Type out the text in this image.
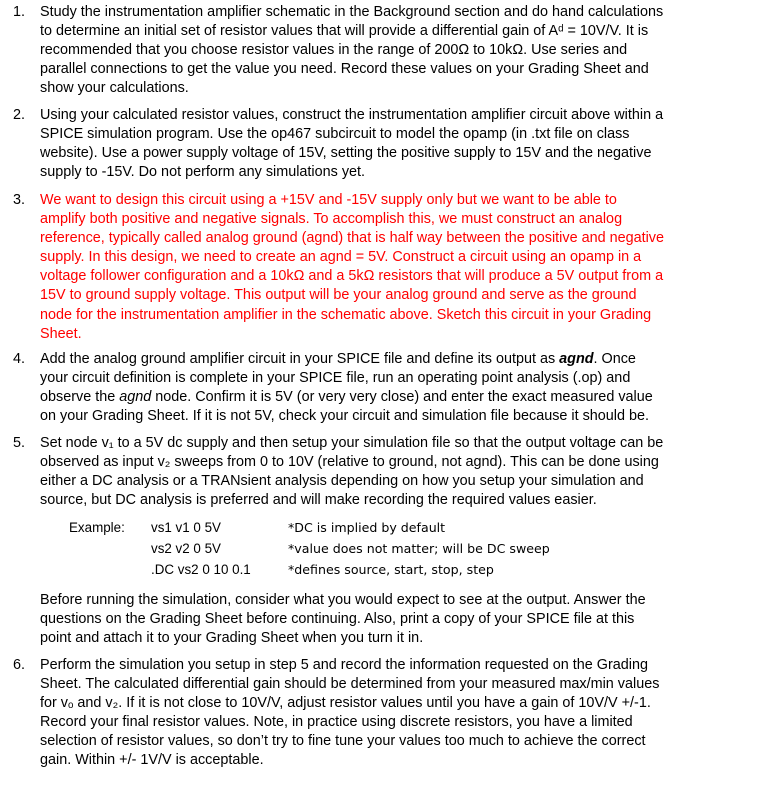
1. Study the instrumentation amplifier schematic in the Background section and do hand calculations
to determine an initial set of resistor values that will provide a differential gain of Aᵈ = 10V/V. It is
recommended that you choose resistor values in the range of 200Ω to 10kΩ. Use series and
parallel connections to get the value you need. Record these values on your Grading Sheet and
show your calculations.
2. Using your calculated resistor values, construct the instrumentation amplifier circuit above within a
SPICE simulation program. Use the op467 subcircuit to model the opamp (in .txt file on class
website). Use a power supply voltage of 15V, setting the positive supply to 15V and the negative
supply to -15V. Do not perform any simulations yet.
3. We want to design this circuit using a +15V and -15V supply only but we want to be able to
amplify both positive and negative signals. To accomplish this, we must construct an analog
reference, typically called analog ground (agnd) that is half way between the positive and negative
supply. In this design, we need to create an agnd = 5V. Construct a circuit using an opamp in a
voltage follower configuration and a 10kΩ and a 5kΩ resistors that will produce a 5V output from a
15V to ground supply voltage. This output will be your analog ground and serve as the ground
node for the instrumentation amplifier in the schematic above. Sketch this circuit in your Grading
Sheet.
4. Add the analog ground amplifier circuit in your SPICE file and define its output as agnd. Once
your circuit definition is complete in your SPICE file, run an operating point analysis (.op) and
observe the agnd node. Confirm it is 5V (or very very close) and enter the exact measured value
on your Grading Sheet. If it is not 5V, check your circuit and simulation file because it should be.
5. Set node v₁ to a 5V dc supply and then setup your simulation file so that the output voltage can be
observed as input v₂ sweeps from 0 to 10V (relative to ground, not agnd). This can be done using
either a DC analysis or a TRANsient analysis depending on how you setup your simulation and
source, but DC analysis is preferred and will make recording the required values easier.
Example: vs1 v1 0 5V	*DC is implied by default
vs2 v2 0 5V	*value does not matter; will be DC sweep
.DC vs2 0 10 0.1	*defines source, start, stop, step
Before running the simulation, consider what you would expect to see at the output. Answer the
questions on the Grading Sheet before continuing. Also, print a copy of your SPICE file at this
point and attach it to your Grading Sheet when you turn it in.
6. Perform the simulation you setup in step 5 and record the information requested on the Grading
Sheet. The calculated differential gain should be determined from your measured max/min values
for vₒ and v₂. If it is not close to 10V/V, adjust resistor values until you have a gain of 10V/V +/-1.
Record your final resistor values. Note, in practice using discrete resistors, you have a limited
selection of resistor values, so don’t try to fine tune your values too much to achieve the correct
gain. Within +/- 1V/V is acceptable.
